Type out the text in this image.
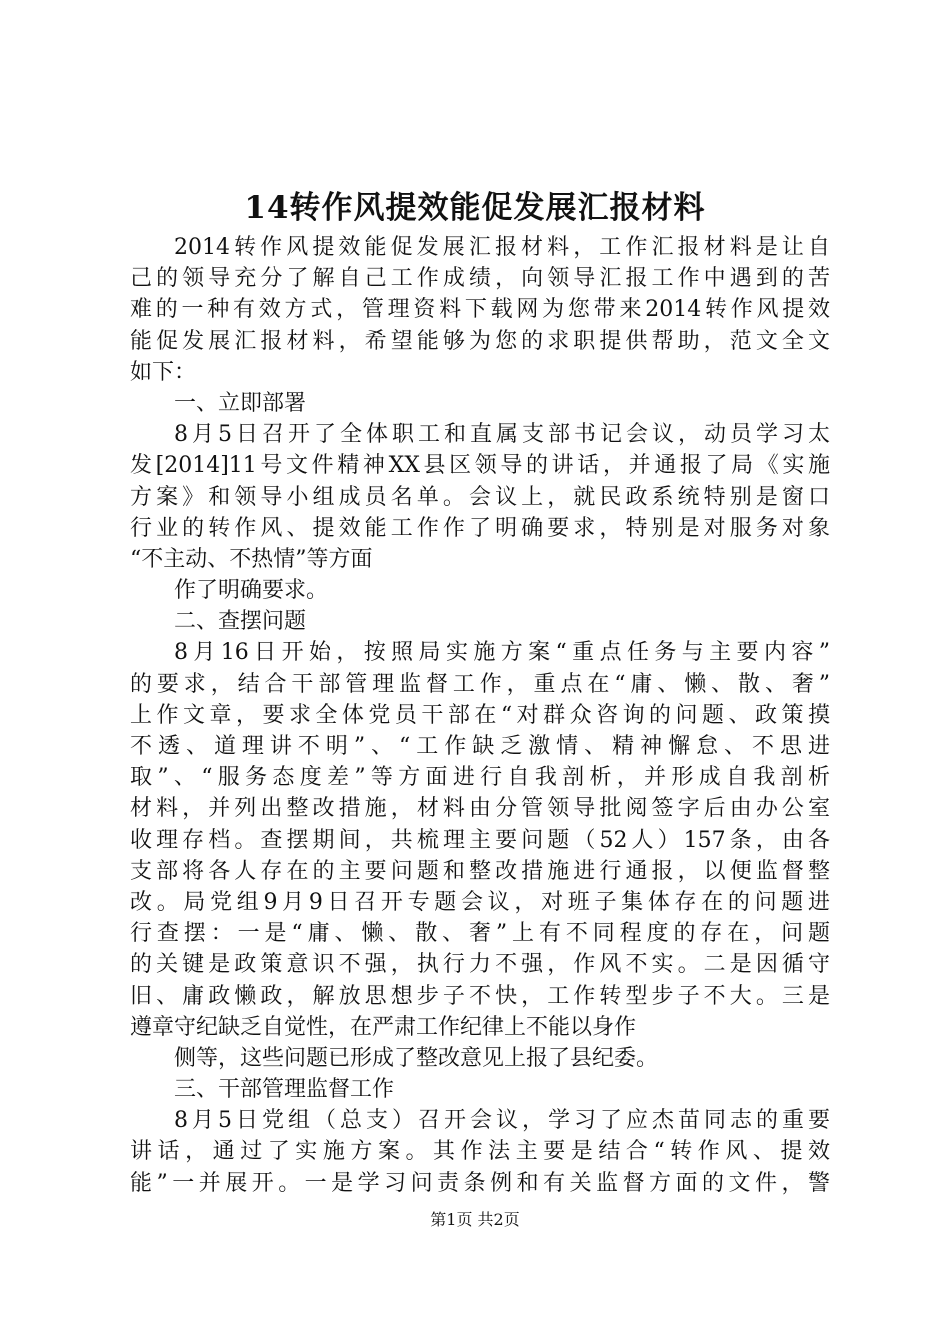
14转作风提效能促发展汇报材料
2014转作风提效能促发展汇报材料，工作汇报材料是让自
己的领导充分了解自己工作成绩，向领导汇报工作中遇到的苦
难的一种有效方式，管理资料下载网为您带来2014转作风提效
能促发展汇报材料，希望能够为您的求职提供帮助，范文全文
如下：
一、立即部署
8月5日召开了全体职工和直属支部书记会议，动员学习太
发[2014]11号文件精神XX县区领导的讲话，并通报了局《实施
方案》和领导小组成员名单。会议上，就民政系统特别是窗口
行业的转作风、提效能工作作了明确要求，特别是对服务对象
“不主动、不热情”等方面
作了明确要求。
二、查摆问题
8月16日开始，按照局实施方案“重点任务与主要内容”
的要求，结合干部管理监督工作，重点在“庸、懒、散、奢”
上作文章，要求全体党员干部在“对群众咨询的问题、政策摸
不透、道理讲不明”、“工作缺乏激情、精神懈怠、不思进
取”、“服务态度差”等方面进行自我剖析，并形成自我剖析
材料，并列出整改措施，材料由分管领导批阅签字后由办公室
收理存档。查摆期间，共梳理主要问题（52人）157条，由各
支部将各人存在的主要问题和整改措施进行通报，以便监督整
改。局党组9月9日召开专题会议，对班子集体存在的问题进
行查摆：一是“庸、懒、散、奢”上有不同程度的存在，问题
的关键是政策意识不强，执行力不强，作风不实。二是因循守
旧、庸政懒政，解放思想步子不快，工作转型步子不大。三是
遵章守纪缺乏自觉性，在严肃工作纪律上不能以身作
侧等，这些问题已形成了整改意见上报了县纪委。
三、干部管理监督工作
8月5日党组（总支）召开会议，学习了应杰苗同志的重要
讲话，通过了实施方案。其作法主要是结合“转作风、提效
能”一并展开。一是学习问责条例和有关监督方面的文件，警
第1页 共2页
